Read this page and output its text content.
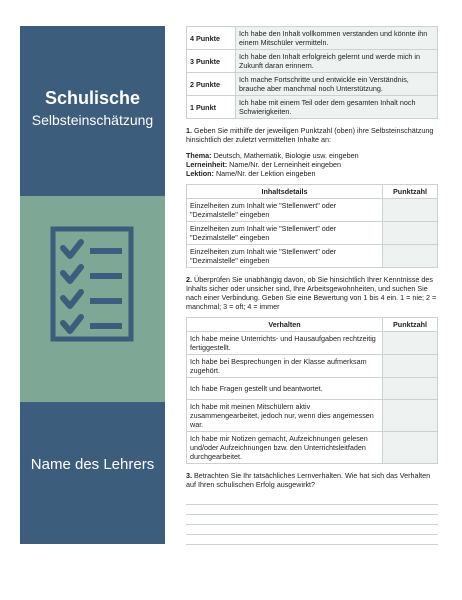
Schulische
Selbsteinschätzung
Name des Lehrers
4 Punkte	Ich habe den Inhalt vollkommen verstanden und könnte ihn einem Mitschüler vermitteln.
3 Punkte	Ich habe den Inhalt erfolgreich gelernt und werde mich in Zukunft daran erinnern.
2 Punkte	Ich mache Fortschritte und entwickle ein Verständnis, brauche aber manchmal noch Unterstützung.
1 Punkt	Ich habe mit einem Teil oder dem gesamten Inhalt noch Schwierigkeiten.
1. Geben Sie mithilfe der jeweiligen Punktzahl (oben) ihre Selbsteinschätzung hinsichtlich der zuletzt vermittelten Inhalte an:
Thema: Deutsch, Mathematik, Biologie usw. eingeben
Lerneinheit: Name/Nr. der Lerneinheit eingeben
Lektion: Name/Nr. der Lektion eingeben
Inhaltsdetails	Punktzahl
Einzelheiten zum Inhalt wie "Stellenwert" oder "Dezimalstelle" eingeben	
Einzelheiten zum Inhalt wie "Stellenwert" oder "Dezimalstelle" eingeben	
Einzelheiten zum Inhalt wie "Stellenwert" oder "Dezimalstelle" eingeben	
2. Überprüfen Sie unabhängig davon, ob Sie hinsichtlich Ihrer Kenntnisse des Inhalts sicher oder unsicher sind, Ihre Arbeitsgewohnheiten, und suchen Sie nach einer Verbindung. Geben Sie eine Bewertung von 1 bis 4 ein. 1 = nie; 2 = manchmal; 3 = oft; 4 = immer
Verhalten	Punktzahl
Ich habe meine Unterrichts- und Hausaufgaben rechtzeitig fertiggestellt.	
Ich habe bei Besprechungen in der Klasse aufmerksam zugehört.	
Ich habe Fragen gestellt und beantwortet.	
Ich habe mit meinen Mitschülern aktiv zusammengearbeitet, jedoch nur, wenn dies angemessen war.	
Ich habe mir Notizen gemacht, Aufzeichnungen gelesen und/oder Aufzeichnungen bzw. den Unterrichtsleitfaden durchgearbeitet.	
3. Betrachten Sie Ihr tatsächliches Lernverhalten. Wie hat sich das Verhalten auf Ihren schulischen Erfolg ausgewirkt?
